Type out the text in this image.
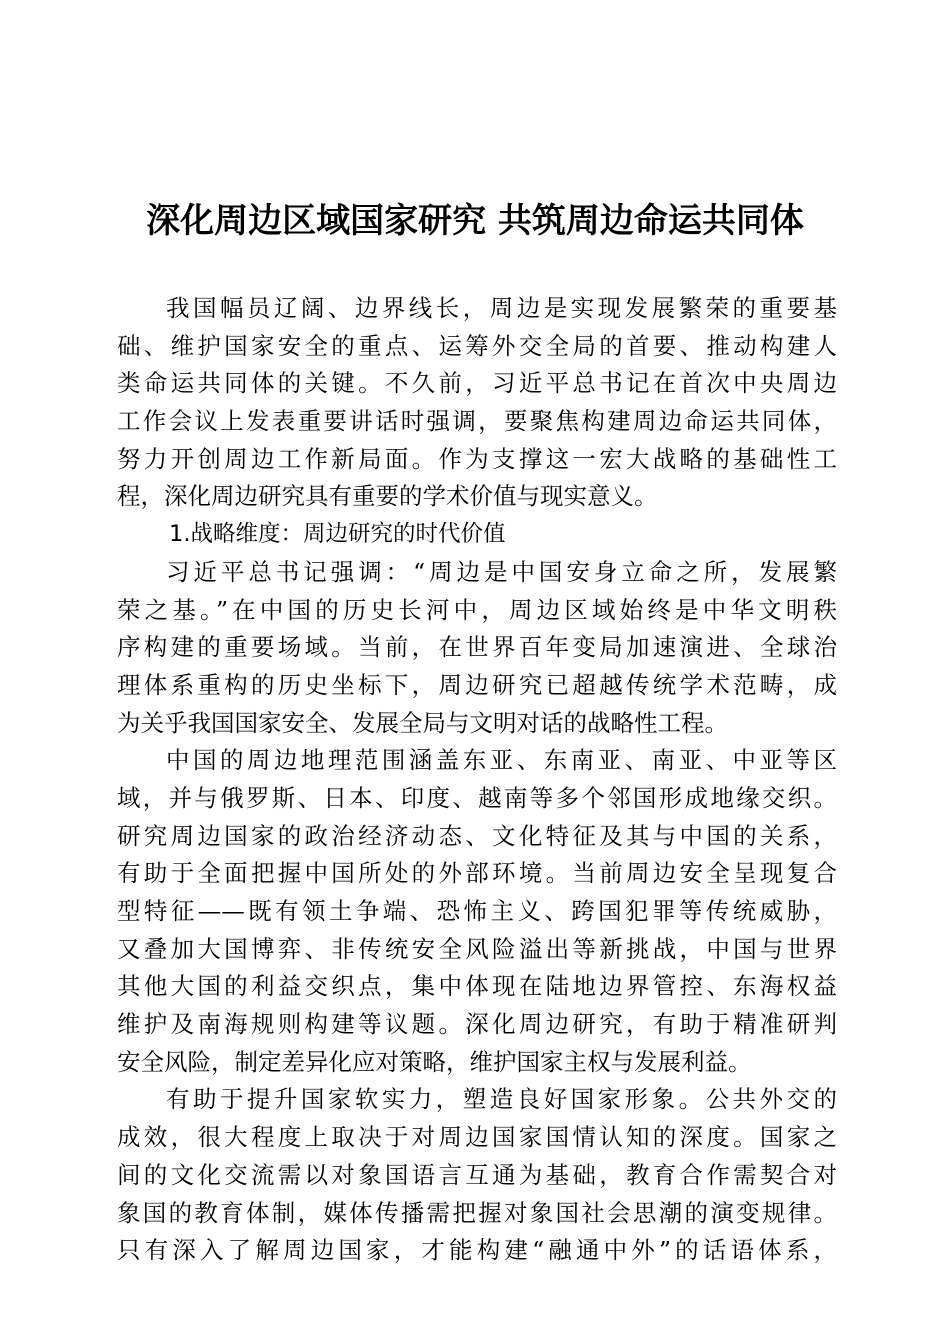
深化周边区域国家研究 共筑周边命运共同体
我国幅员辽阔、边界线长，周边是实现发展繁荣的重要基
础、维护国家安全的重点、运筹外交全局的首要、推动构建人
类命运共同体的关键。不久前，习近平总书记在首次中央周边
工作会议上发表重要讲话时强调，要聚焦构建周边命运共同体，
努力开创周边工作新局面。作为支撑这一宏大战略的基础性工
程，深化周边研究具有重要的学术价值与现实意义。
1.战略维度：周边研究的时代价值
习近平总书记强调：“周边是中国安身立命之所，发展繁
荣之基。”在中国的历史长河中，周边区域始终是中华文明秩
序构建的重要场域。当前，在世界百年变局加速演进、全球治
理体系重构的历史坐标下，周边研究已超越传统学术范畴，成
为关乎我国国家安全、发展全局与文明对话的战略性工程。
中国的周边地理范围涵盖东亚、东南亚、南亚、中亚等区
域，并与俄罗斯、日本、印度、越南等多个邻国形成地缘交织。
研究周边国家的政治经济动态、文化特征及其与中国的关系，
有助于全面把握中国所处的外部环境。当前周边安全呈现复合
型特征——既有领土争端、恐怖主义、跨国犯罪等传统威胁，
又叠加大国博弈、非传统安全风险溢出等新挑战，中国与世界
其他大国的利益交织点，集中体现在陆地边界管控、东海权益
维护及南海规则构建等议题。深化周边研究，有助于精准研判
安全风险，制定差异化应对策略，维护国家主权与发展利益。
有助于提升国家软实力，塑造良好国家形象。公共外交的
成效，很大程度上取决于对周边国家国情认知的深度。国家之
间的文化交流需以对象国语言互通为基础，教育合作需契合对
象国的教育体制，媒体传播需把握对象国社会思潮的演变规律。
只有深入了解周边国家，才能构建“融通中外”的话语体系，
